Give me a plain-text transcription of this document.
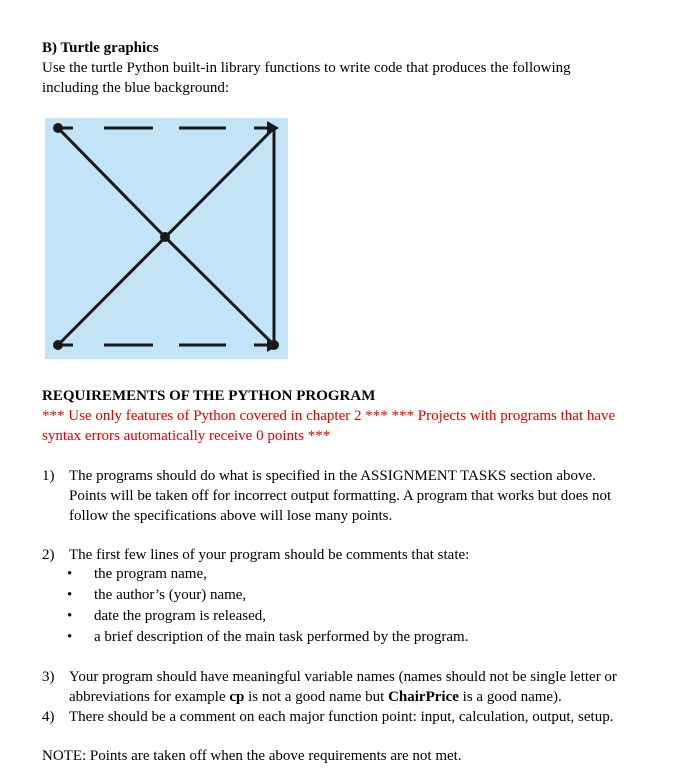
B) Turtle graphics
Use the turtle Python built-in library functions to write code that produces the following
including the blue background:
REQUIREMENTS OF THE PYTHON PROGRAM
*** Use only features of Python covered in chapter 2 *** *** Projects with programs that have
syntax errors automatically receive 0 points ***
1) The programs should do what is specified in the ASSIGNMENT TASKS section above.
Points will be taken off for incorrect output formatting. A program that works but does not
follow the specifications above will lose many points.
2) The first few lines of your program should be comments that state:
• the program name,
• the author’s (your) name,
• date the program is released,
• a brief description of the main task performed by the program.
3) Your program should have meaningful variable names (names should not be single letter or
abbreviations for example cp is not a good name but ChairPrice is a good name).
4) There should be a comment on each major function point: input, calculation, output, setup.
NOTE: Points are taken off when the above requirements are not met.
